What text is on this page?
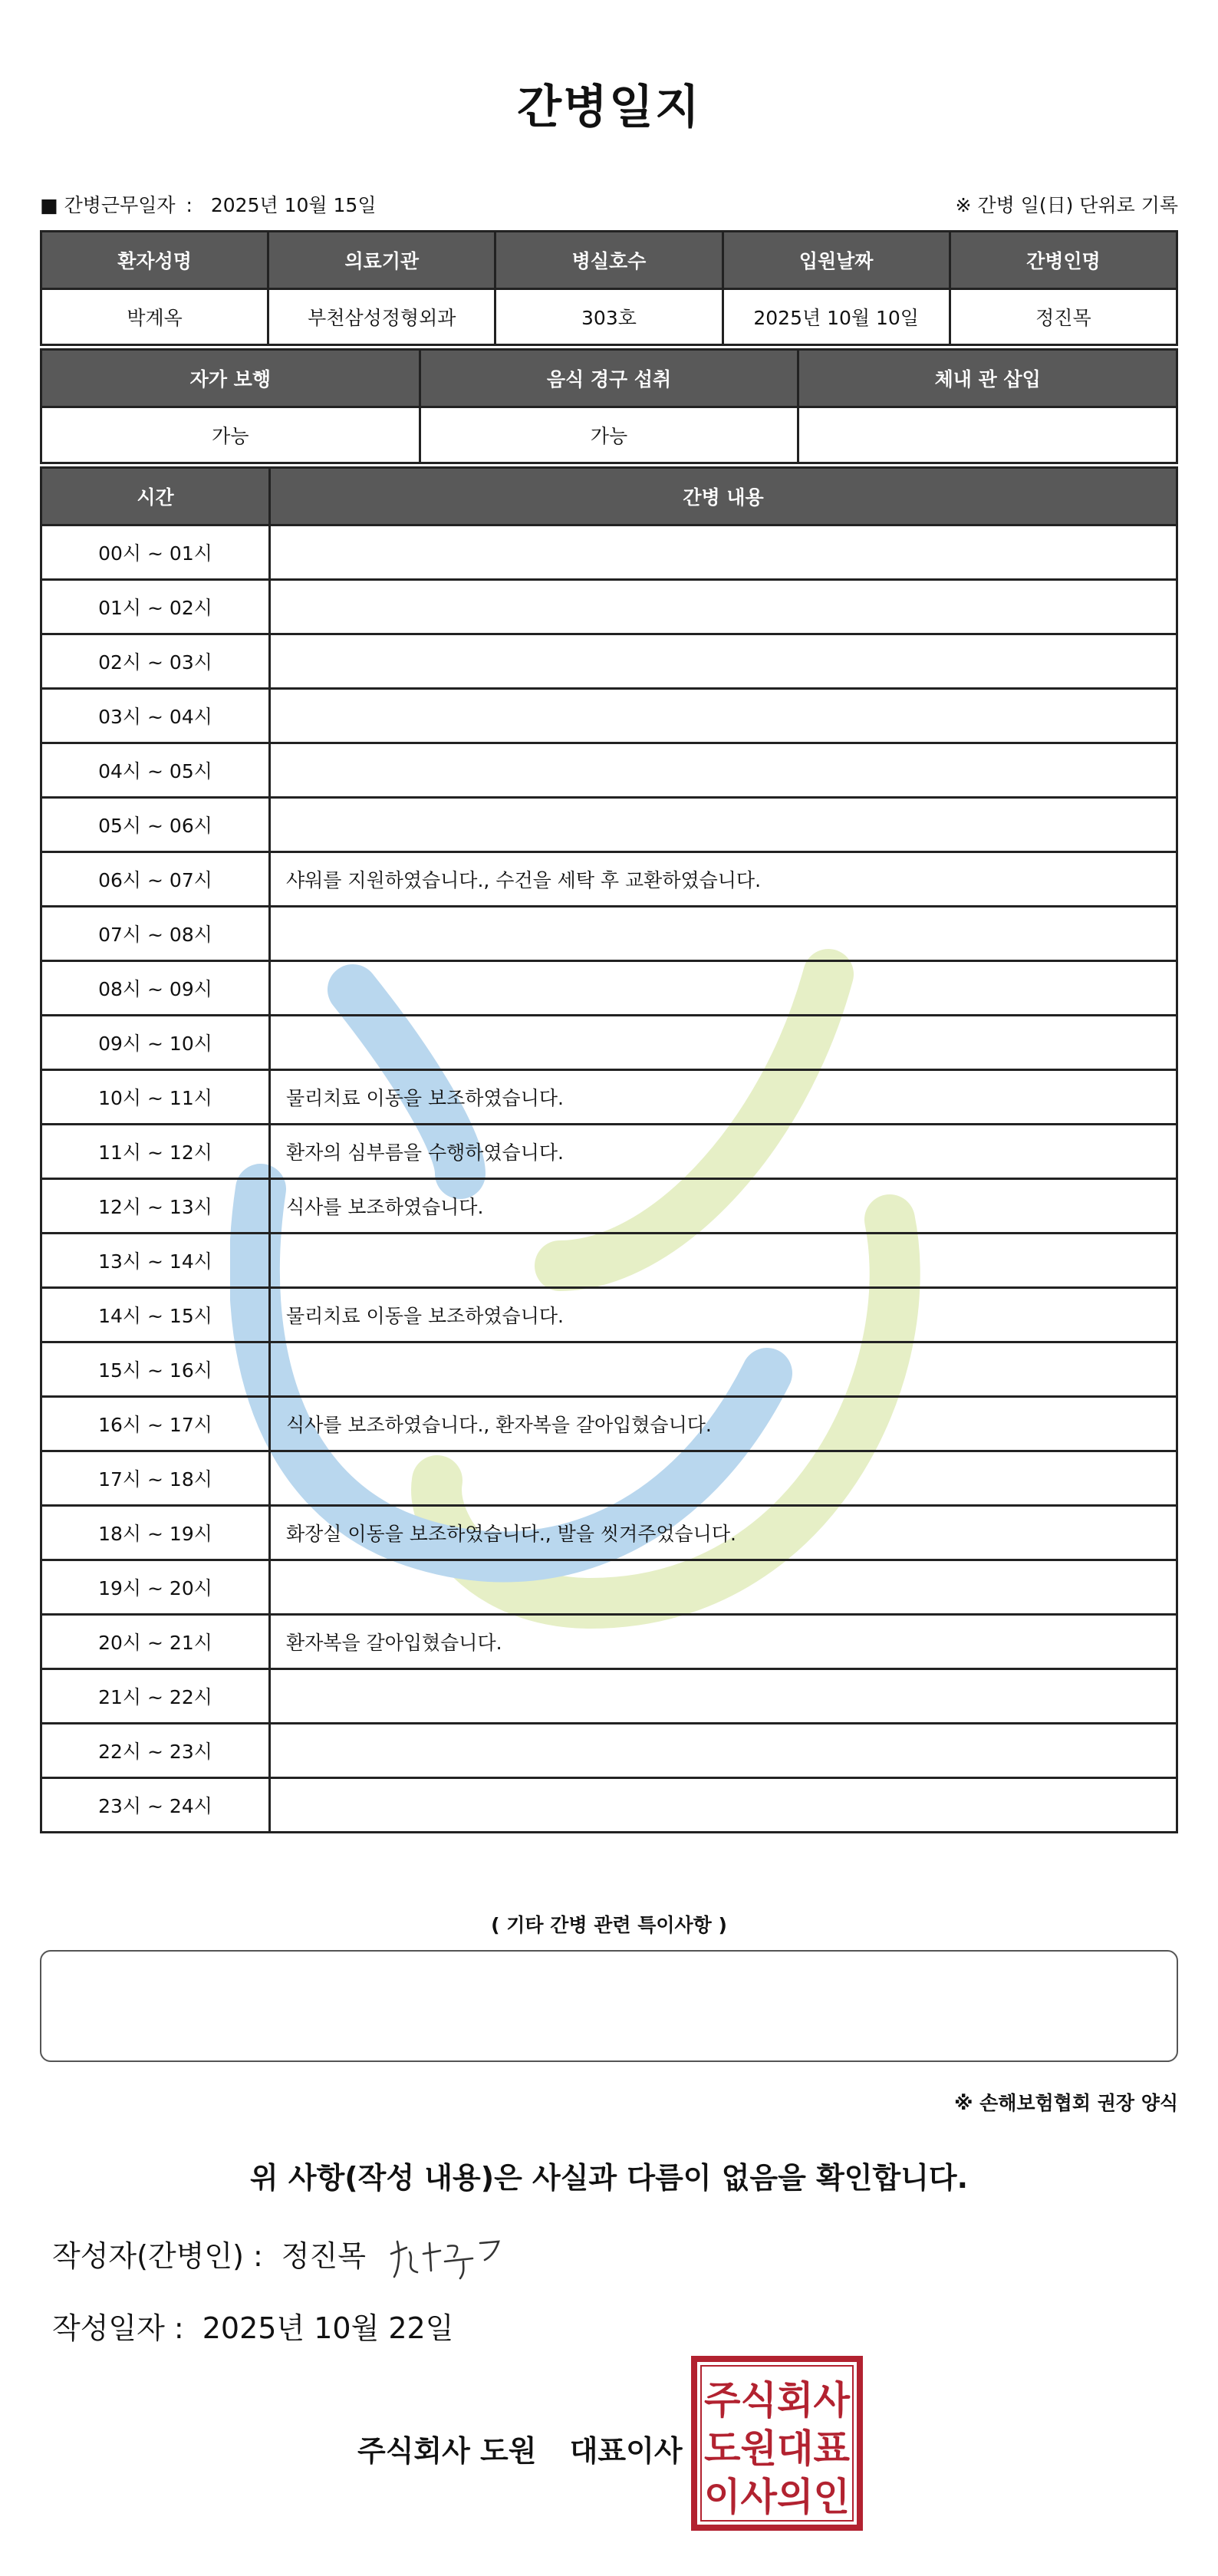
간병일지
■ 간병근무일자 : 2025년 10월 15일	※ 간병 일(日) 단위로 기록
환자성명	의료기관	병실호수	입원날짜	간병인명
박계옥	부천삼성정형외과	303호	2025년 10월 10일	정진목
자가 보행	음식 경구 섭취	체내 관 삽입
가능	가능	
시간	간병 내용
00시 ~ 01시	
01시 ~ 02시	
02시 ~ 03시	
03시 ~ 04시	
04시 ~ 05시	
05시 ~ 06시	
06시 ~ 07시	샤워를 지원하였습니다., 수건을 세탁 후 교환하였습니다.
07시 ~ 08시	
08시 ~ 09시	
09시 ~ 10시	
10시 ~ 11시	물리치료 이동을 보조하였습니다.
11시 ~ 12시	환자의 심부름을 수행하였습니다.
12시 ~ 13시	식사를 보조하였습니다.
13시 ~ 14시	
14시 ~ 15시	물리치료 이동을 보조하였습니다.
15시 ~ 16시	
16시 ~ 17시	식사를 보조하였습니다., 환자복을 갈아입혔습니다.
17시 ~ 18시	
18시 ~ 19시	화장실 이동을 보조하였습니다., 발을 씻겨주었습니다.
19시 ~ 20시	
20시 ~ 21시	환자복을 갈아입혔습니다.
21시 ~ 22시	
22시 ~ 23시	
23시 ~ 24시	
( 기타 간병 관련 특이사항 )
※ 손해보험협회 권장 양식
위 사항(작성 내용)은 사실과 다름이 없음을 확인합니다.
작성자(간병인) : 정진목
작성일자 : 2025년 10월 22일
주식회사 도원 대표이사
주식회사
도원대표
이사의인
